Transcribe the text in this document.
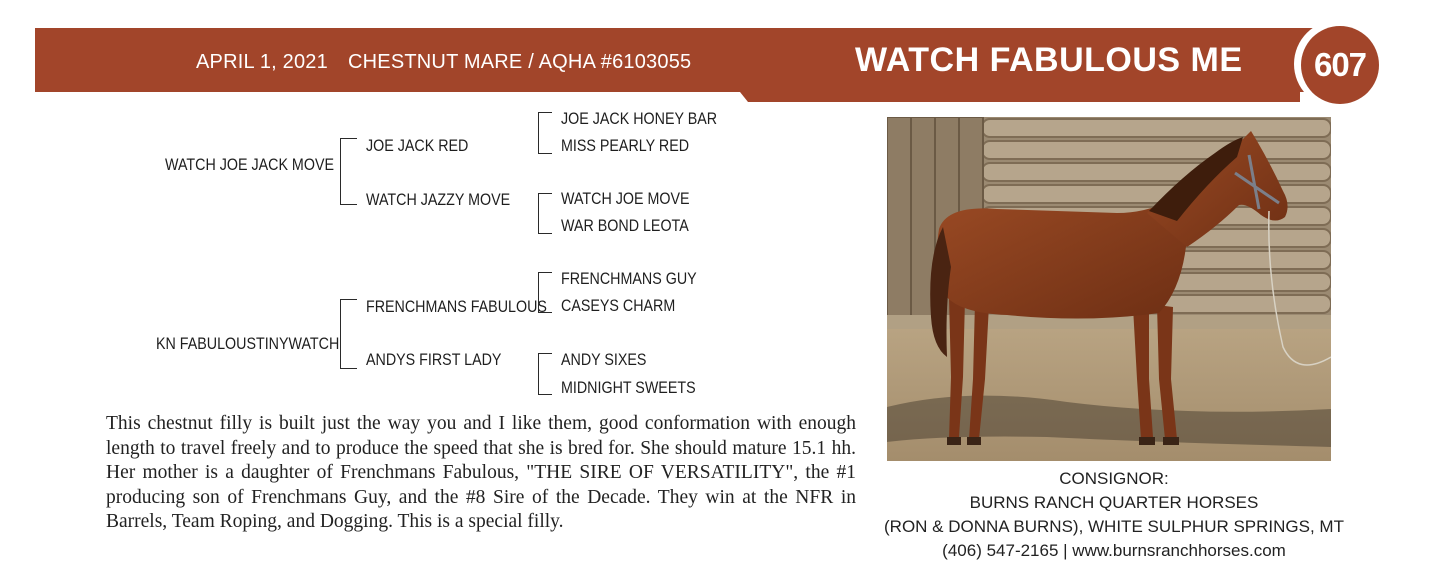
APRIL 1, 2021 CHESTNUT MARE / AQHA #6103055	WATCH FABULOUS ME 607
WATCH JOE JACK MOVE
KN FABULOUSTINYWATCH
JOE JACK RED
WATCH JAZZY MOVE
FRENCHMANS FABULOUS
ANDYS FIRST LADY
JOE JACK HONEY BAR
MISS PEARLY RED
WATCH JOE MOVE
WAR BOND LEOTA
FRENCHMANS GUY
CASEYS CHARM
ANDY SIXES
MIDNIGHT SWEETS

This chestnut filly is built just the way you and I like them, good conformation with enough length to travel freely and to produce the speed that she is bred for. She should mature 15.1 hh. Her mother is a daughter of Frenchmans Fabulous, "THE SIRE OF VERSATILITY", the #1 producing son of Frenchmans Guy, and the #8 Sire of the Decade. They win at the NFR in Barrels, Team Roping, and Dogging. This is a special filly.

CONSIGNOR:
BURNS RANCH QUARTER HORSES
(RON & DONNA BURNS), WHITE SULPHUR SPRINGS, MT
(406) 547-2165 | www.burnsranchhorses.com
